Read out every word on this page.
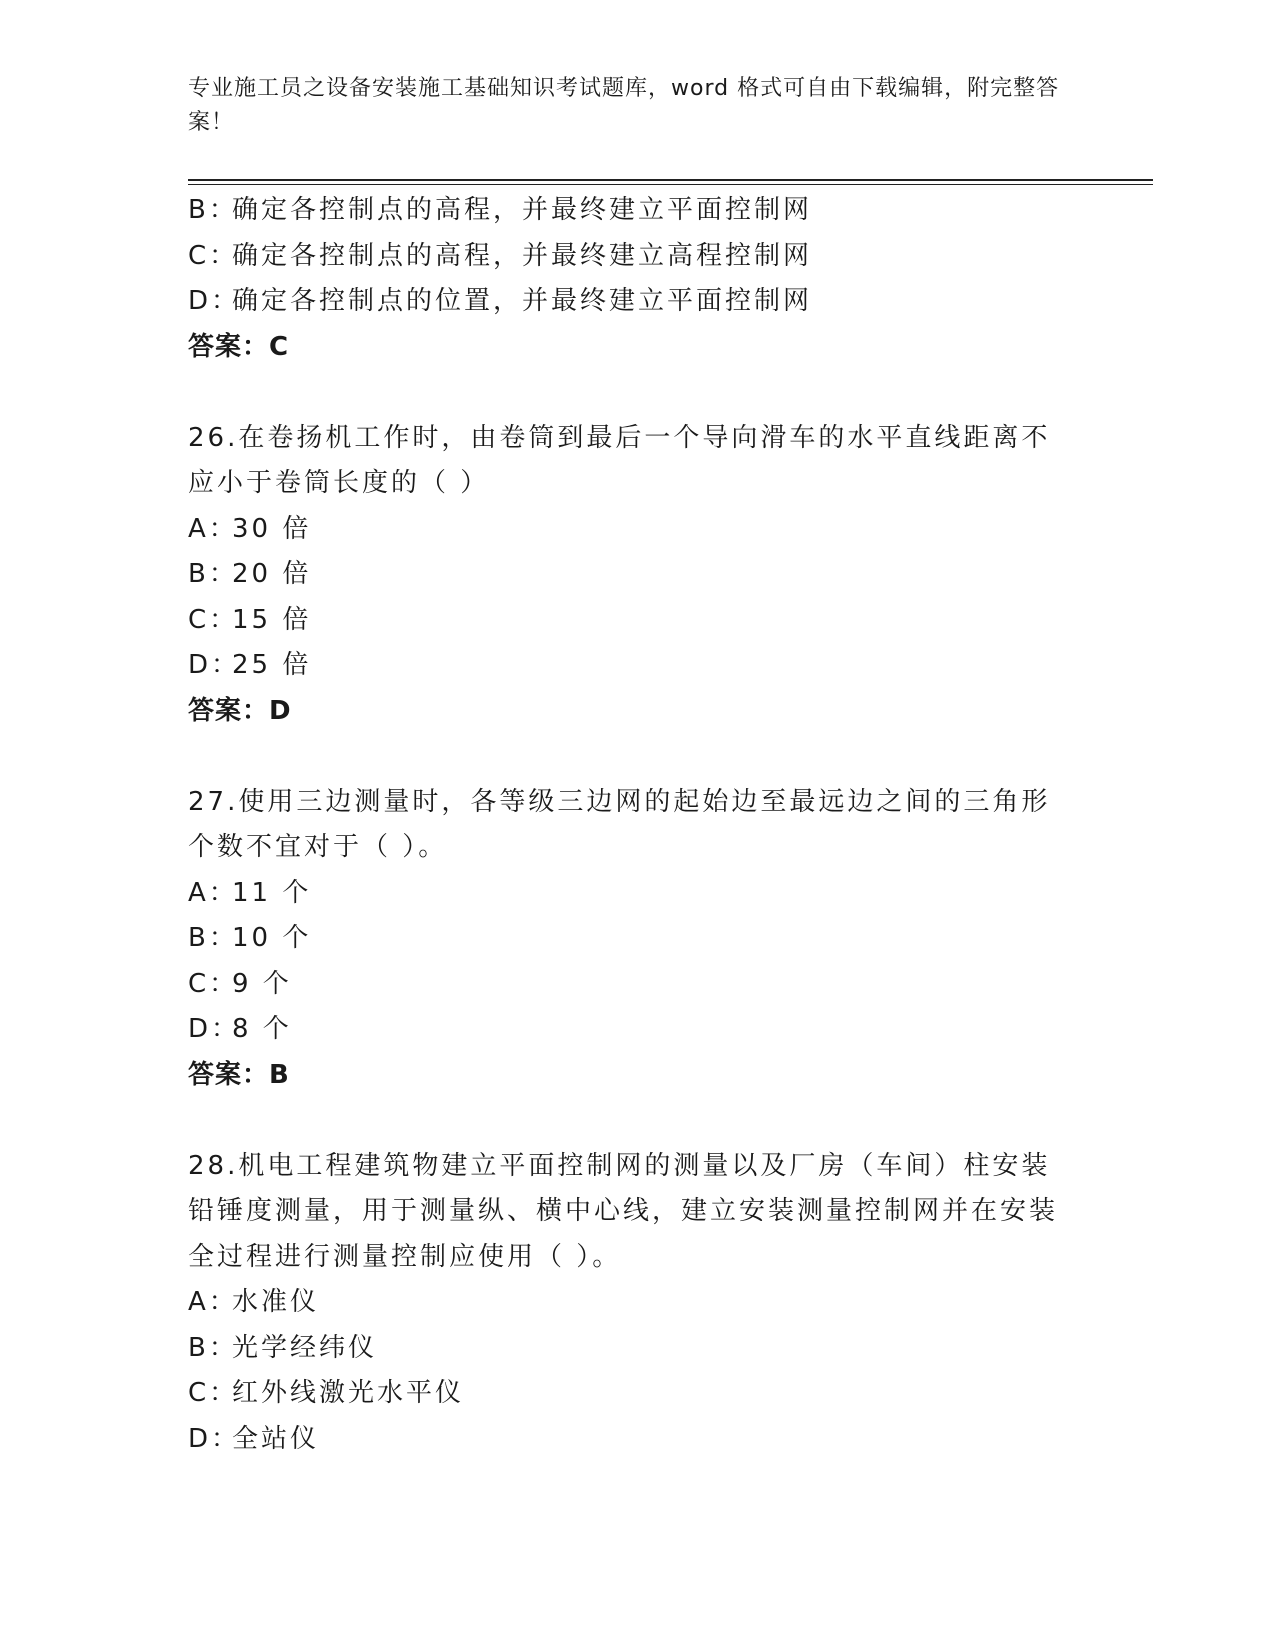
专业施工员之设备安装施工基础知识考试题库，word 格式可自由下载编辑，附完整答案！
B：确定各控制点的高程，并最终建立平面控制网
C：确定各控制点的高程，并最终建立高程控制网
D：确定各控制点的位置，并最终建立平面控制网
答案：C
26.在卷扬机工作时，由卷筒到最后一个导向滑车的水平直线距离不应小于卷筒长度的（ ）
A：30 倍
B：20 倍
C：15 倍
D：25 倍
答案：D
27.使用三边测量时，各等级三边网的起始边至最远边之间的三角形个数不宜对于（ ）。
A：11 个
B：10 个
C：9 个
D：8 个
答案：B
28.机电工程建筑物建立平面控制网的测量以及厂房（车间）柱安装铅锤度测量，用于测量纵、横中心线，建立安装测量控制网并在安装全过程进行测量控制应使用（ ）。
A：水准仪
B：光学经纬仪
C：红外线激光水平仪
D：全站仪
